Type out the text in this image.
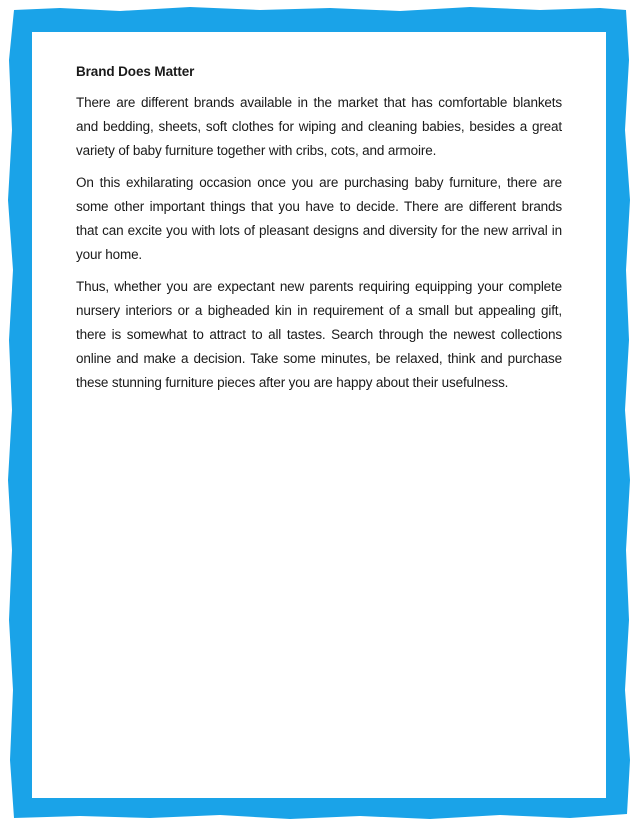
Brand Does Matter

There are different brands available in the market that has comfortable blankets and bedding, sheets, soft clothes for wiping and cleaning babies, besides a great variety of baby furniture together with cribs, cots, and armoire.

On this exhilarating occasion once you are purchasing baby furniture, there are some other important things that you have to decide. There are different brands that can excite you with lots of pleasant designs and diversity for the new arrival in your home.

Thus, whether you are expectant new parents requiring equipping your complete nursery interiors or a bigheaded kin in requirement of a small but appealing gift, there is somewhat to attract to all tastes. Search through the newest collections online and make a decision. Take some minutes, be relaxed, think and purchase these stunning furniture pieces after you are happy about their usefulness.
